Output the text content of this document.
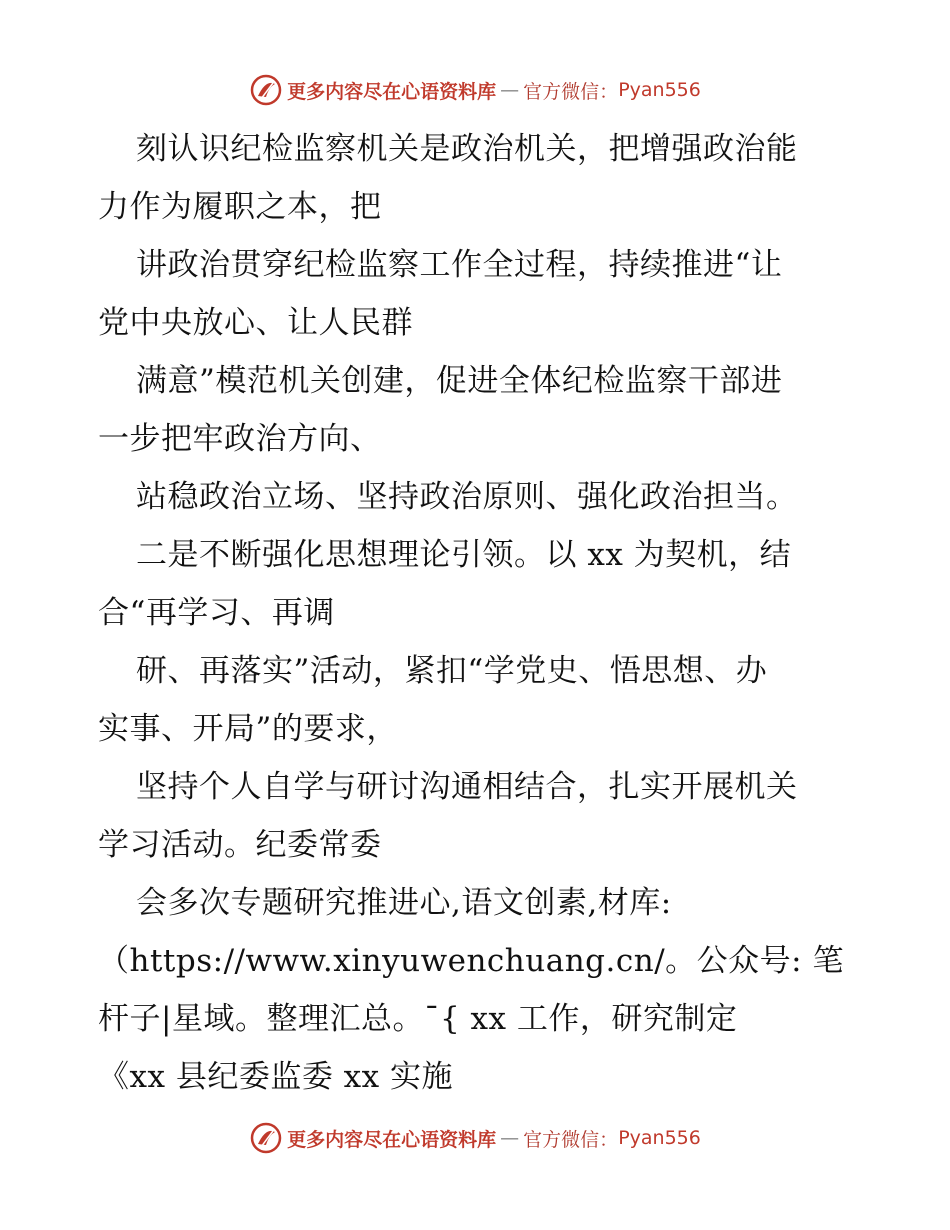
更多内容尽在心语资料库 — 官方微信： Pyan556
刻认识纪检监察机关是政治机关，把增强政治能
力作为履职之本，把
讲政治贯穿纪检监察工作全过程，持续推进“让
党中央放心、让人民群
满意”模范机关创建，促进全体纪检监察干部进
一步把牢政治方向、
站稳政治立场、坚持政治原则、强化政治担当。
二是不断强化思想理论引领。以 xx 为契机，结
合“再学习、再调
研、再落实”活动，紧扣“学党史、悟思想、办
实事、开局”的要求，
坚持个人自学与研讨沟通相结合，扎实开展机关
学习活动。纪委常委
会多次专题研究推进心,语文创素,材库:
（https://www.xinyuwenchuang.cn/。公众号: 笔
杆子|星域。整理汇总。¯{ xx 工作，研究制定
《xx 县纪委监委 xx 实施
更多内容尽在心语资料库 — 官方微信： Pyan556
